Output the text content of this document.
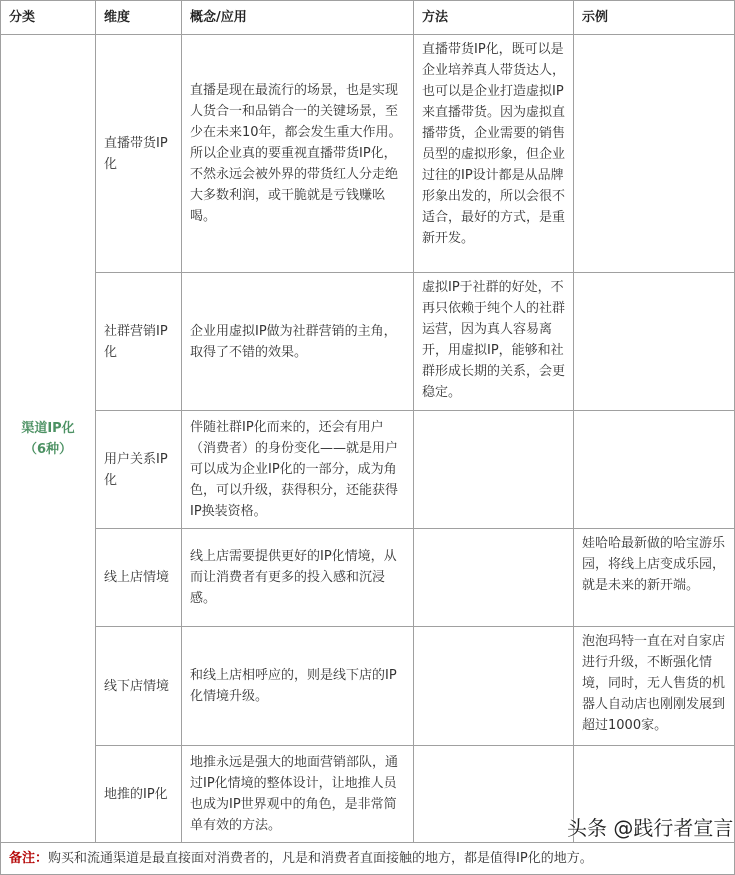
分类	维度	概念/应用	方法	示例

渠道IP化
（6种）	直播带货IP化	直播是现在最流行的场景，也是实现人货合一和品销合一的关键场景，至少在未来10年，都会发生重大作用。所以企业真的要重视直播带货IP化，不然永远会被外界的带货红人分走绝大多数利润，或干脆就是亏钱赚吆喝。	直播带货IP化，既可以是企业培养真人带货达人，也可以是企业打造虚拟IP来直播带货。因为虚拟直播带货，企业需要的销售员型的虚拟形象，但企业过往的IP设计都是从品牌形象出发的，所以会很不适合，最好的方式，是重新开发。	
	社群营销IP化	企业用虚拟IP做为社群营销的主角，取得了不错的效果。	虚拟IP于社群的好处，不再只依赖于纯个人的社群运营，因为真人容易离开，用虚拟IP，能够和社群形成长期的关系，会更稳定。	
	用户关系IP化	伴随社群IP化而来的，还会有用户（消费者）的身份变化——就是用户可以成为企业IP化的一部分，成为角色，可以升级，获得积分，还能获得IP换装资格。		
	线上店情境	线上店需要提供更好的IP化情境，从而让消费者有更多的投入感和沉浸感。		娃哈哈最新做的哈宝游乐园，将线上店变成乐园，就是未来的新开端。
	线下店情境	和线上店相呼应的，则是线下店的IP化情境升级。		泡泡玛特一直在对自家店进行升级，不断强化情境，同时，无人售货的机器人自动店也刚刚发展到超过1000家。
	地推的IP化	地推永远是强大的地面营销部队，通过IP化情境的整体设计，让地推人员也成为IP世界观中的角色，是非常简单有效的方法。		
备注：购买和流通渠道是最直接面对消费者的，凡是和消费者直面接触的地方，都是值得IP化的地方。				
头条 @践行者宣言
